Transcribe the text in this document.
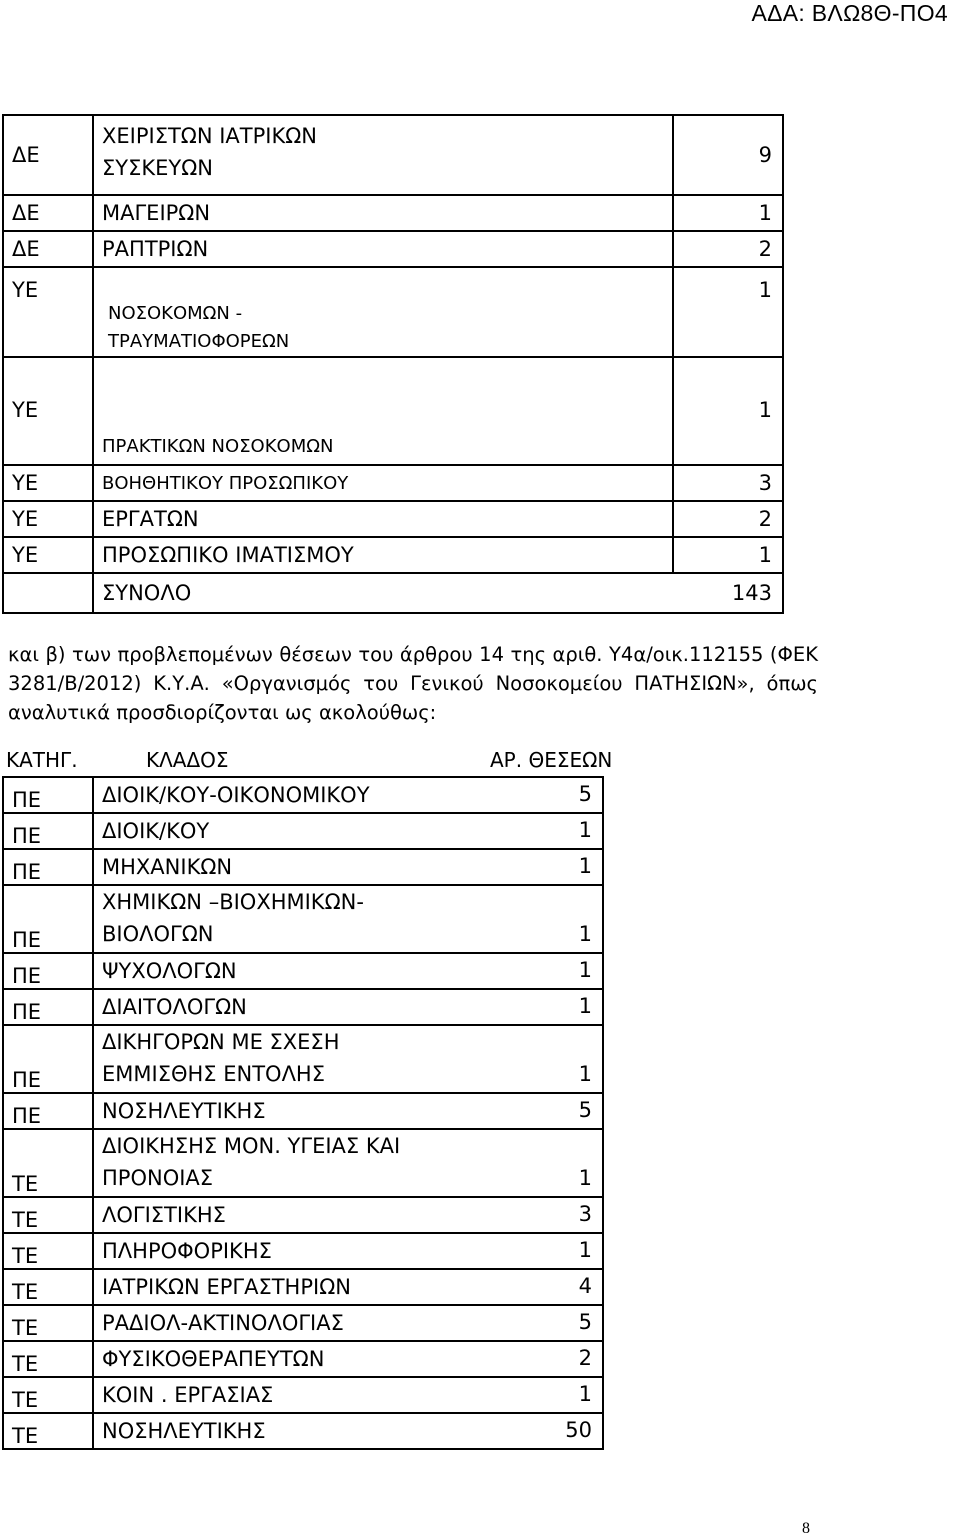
ΑΔΑ: ΒΛΩ8Θ-ΠΟ4
ΔΕ	ΧΕΙΡΙΣΤΩΝ ΙΑΤΡΙΚΩΝ ΣΥΣΚΕΥΩΝ	9
ΔΕ	ΜΑΓΕΙΡΩΝ	1
ΔΕ	ΡΑΠΤΡΙΩΝ	2
ΥΕ	ΝΟΣΟΚΟΜΩΝ - ΤΡΑΥΜΑΤΙΟΦΟΡΕΩΝ	1
ΥΕ	ΠΡΑΚΤΙΚΩΝ ΝΟΣΟΚΟΜΩΝ	1
ΥΕ	ΒΟΗΘΗΤΙΚΟΥ ΠΡΟΣΩΠΙΚΟΥ	3
ΥΕ	ΕΡΓΑΤΩΝ	2
ΥΕ	ΠΡΟΣΩΠΙΚΟ ΙΜΑΤΙΣΜΟΥ	1
	ΣΥΝΟΛΟ 143	
και β) των προβλεπομένων θέσεων του άρθρου 14 της αριθ. Υ4α/οικ.112155 (ΦΕΚ 3281/Β/2012) Κ.Υ.Α. «Οργανισμός του Γενικού Νοσοκομείου ΠΑΤΗΣΙΩΝ», όπως αναλυτικά προσδιορίζονται ως ακολούθως:
ΚΑΤΗΓ.	ΚΛΑΔΟΣ	ΑΡ. ΘΕΣΕΩΝ
ΠΕ	ΔΙΟΙΚ/ΚΟΥ-ΟΙΚΟΝΟΜΙΚΟΥ 5

ΠΕ	ΔΙΟΙΚ/ΚΟΥ 1

ΠΕ	ΜΗΧΑΝΙΚΩΝ 1

ΠΕ	ΧΗΜΙΚΩΝ –ΒΙΟΧΗΜΙΚΩΝ-ΒΙΟΛΟΓΩΝ 1

ΠΕ	ΨΥΧΟΛΟΓΩΝ 1

ΠΕ	ΔΙΑΙΤΟΛΟΓΩΝ 1

ΠΕ	ΔΙΚΗΓΟΡΩΝ ΜΕ ΣΧΕΣΗ ΕΜΜΙΣΘΗΣ ΕΝΤΟΛΗΣ 1

ΠΕ	ΝΟΣΗΛΕΥΤΙΚΗΣ 5

ΤΕ	ΔΙΟΙΚΗΣΗΣ ΜΟΝ. ΥΓΕΙΑΣ ΚΑΙ ΠΡΟΝΟΙΑΣ 1

ΤΕ	ΛΟΓΙΣΤΙΚΗΣ 3

ΤΕ	ΠΛΗΡΟΦΟΡΙΚΗΣ 1

ΤΕ	ΙΑΤΡΙΚΩΝ ΕΡΓΑΣΤΗΡΙΩΝ 4

ΤΕ	ΡΑΔΙΟΛ-ΑΚΤΙΝΟΛΟΓΙΑΣ 5

ΤΕ	ΦΥΣΙΚΟΘΕΡΑΠΕΥΤΩΝ 2

ΤΕ	ΚΟΙΝ . ΕΡΓΑΣΙΑΣ 1

ΤΕ	ΝΟΣΗΛΕΥΤΙΚΗΣ 50
8
